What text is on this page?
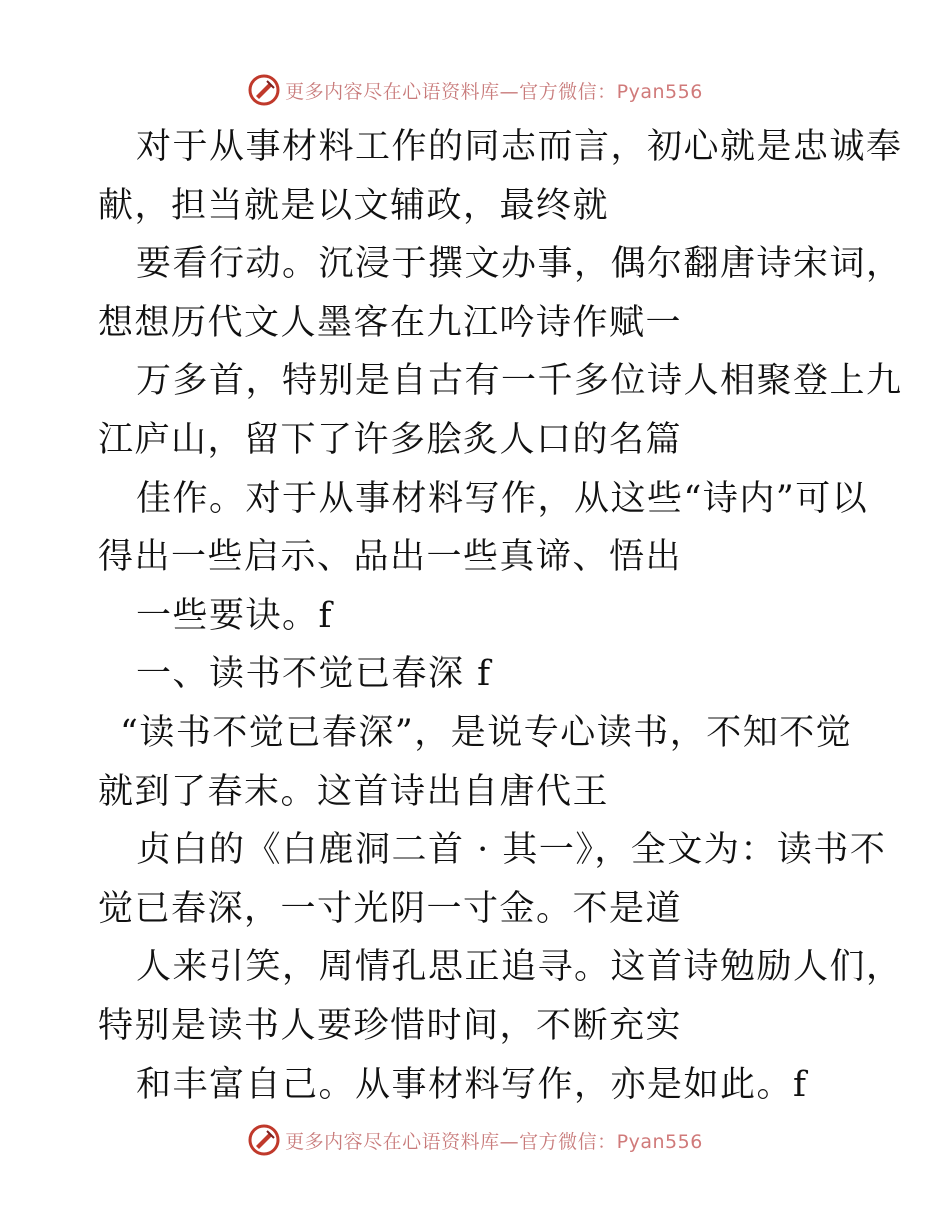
更多内容尽在心语资料库—官方微信：Pyan556
对于从事材料工作的同志而言，初心就是忠诚奉
献，担当就是以文辅政，最终就
要看行动。沉浸于撰文办事，偶尔翻唐诗宋词，
想想历代文人墨客在九江吟诗作赋一
万多首，特别是自古有一千多位诗人相聚登上九
江庐山，留下了许多脍炙人口的名篇
佳作。对于从事材料写作，从这些“诗内”可以
得出一些启示、品出一些真谛、悟出
一些要诀。f
一、读书不觉已春深 f
“读书不觉已春深”，是说专心读书，不知不觉
就到了春末。这首诗出自唐代王
贞白的《白鹿洞二首 · 其一》，全文为：读书不
觉已春深，一寸光阴一寸金。不是道
人来引笑，周情孔思正追寻。这首诗勉励人们，
特别是读书人要珍惜时间，不断充实
和丰富自己。从事材料写作，亦是如此。f
更多内容尽在心语资料库—官方微信：Pyan556
